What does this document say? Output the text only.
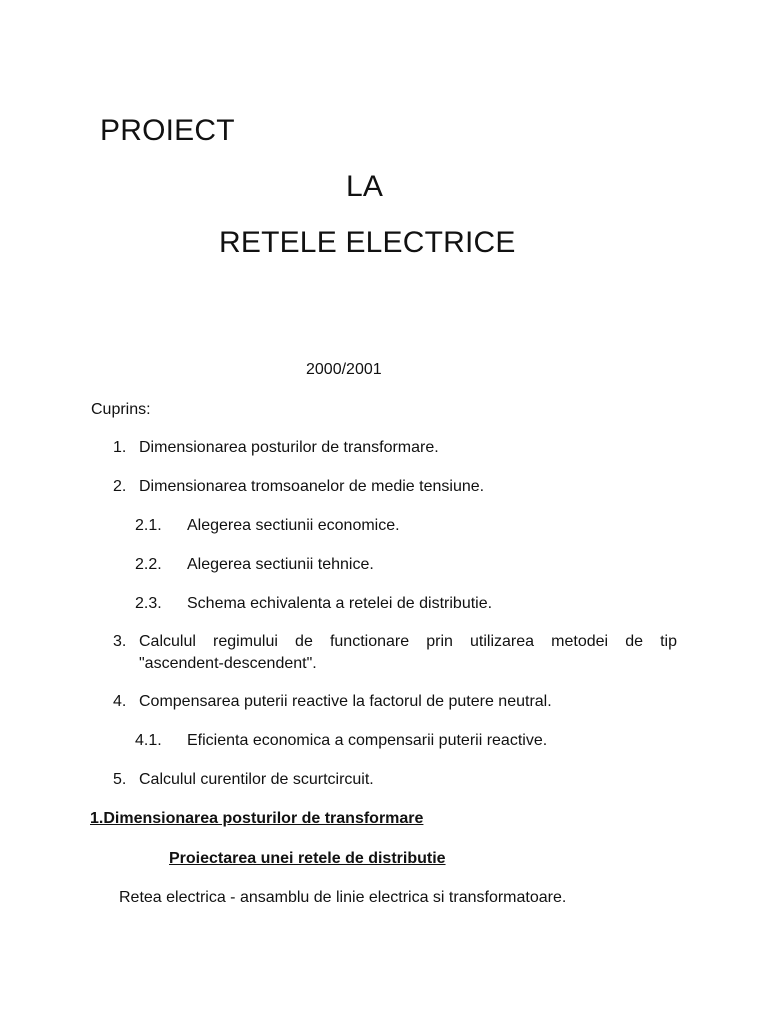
PROIECT
LA
RETELE ELECTRICE
2000/2001
Cuprins:
1. Dimensionarea posturilor de transformare.
2. Dimensionarea tromsoanelor de medie tensiune.
2.1. Alegerea sectiunii economice.
2.2. Alegerea sectiunii tehnice.
2.3. Schema echivalenta a retelei de distributie.
3. Calculul regimului de functionare prin utilizarea metodei de tip
"ascendent-descendent".
4. Compensarea puterii reactive la factorul de putere neutral.
4.1. Eficienta economica a compensarii puterii reactive.
5. Calculul curentilor de scurtcircuit.
1.Dimensionarea posturilor de transformare
Proiectarea unei retele de distributie
Retea electrica - ansamblu de linie electrica si transformatoare.
